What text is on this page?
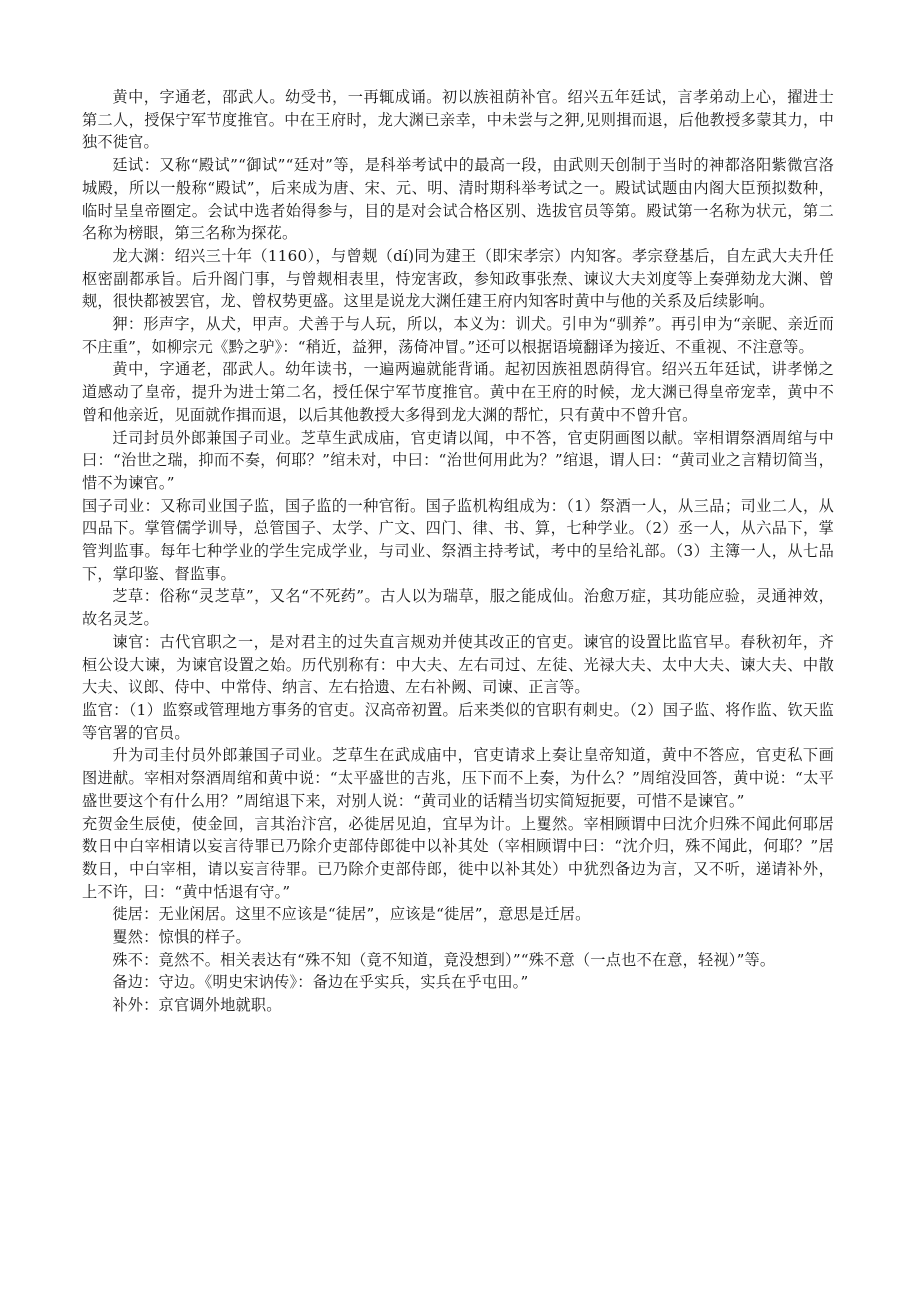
黄中，字通老，邵武人。幼受书，一再辄成诵。初以族祖荫补官。绍兴五年廷试，言孝弟动上心，擢进士第二人，授保宁军节度推官。中在王府时，龙大渊已亲幸，中未尝与之狎,见则揖而退，后他教授多蒙其力，中独不徙官。

廷试：又称“殿试”“御试”“廷对”等，是科举考试中的最高一段，由武则天创制于当时的神都洛阳紫微宫洛城殿，所以一般称“殿试”，后来成为唐、宋、元、明、清时期科举考试之一。殿试试题由内阁大臣预拟数种，临时呈皇帝圈定。会试中选者始得参与，目的是对会试合格区别、选拔官员等第。殿试第一名称为状元，第二名称为榜眼，第三名称为探花。

龙大渊：绍兴三十年（1160），与曾觌（dí)同为建王（即宋孝宗）内知客。孝宗登基后，自左武大夫升任枢密副都承旨。后升阁门事，与曾觌相表里，恃宠害政，参知政事张焘、谏议大夫刘度等上奏弹劾龙大渊、曾觌，很快都被罢官，龙、曾权势更盛。这里是说龙大渊任建王府内知客时黄中与他的关系及后续影响。

狎：形声字，从犬，甲声。犬善于与人玩，所以，本义为：训犬。引申为“驯养”。再引申为“亲昵、亲近而不庄重”，如柳宗元《黔之驴》：“稍近，益狎，荡倚冲冒。”还可以根据语境翻译为接近、不重视、不注意等。

黄中，字通老，邵武人。幼年读书，一遍两遍就能背诵。起初因族祖恩荫得官。绍兴五年廷试，讲孝悌之道感动了皇帝，提升为进士第二名，授任保宁军节度推官。黄中在王府的时候，龙大渊已得皇帝宠幸，黄中不曾和他亲近，见面就作揖而退，以后其他教授大多得到龙大渊的帮忙，只有黄中不曾升官。

迁司封员外郎兼国子司业。芝草生武成庙，官吏请以闻，中不答，官吏阴画图以献。宰相谓祭酒周绾与中曰：“治世之瑞，抑而不奏，何耶？”绾未对，中曰：“治世何用此为？”绾退，谓人曰：“黄司业之言精切简当，惜不为谏官。”

国子司业：又称司业国子监，国子监的一种官衔。国子监机构组成为：（1）祭酒一人，从三品；司业二人，从四品下。掌管儒学训导，总管国子、太学、广文、四门、律、书、算，七种学业。（2）丞一人，从六品下，掌管判监事。每年七种学业的学生完成学业，与司业、祭酒主持考试，考中的呈给礼部。（3）主簿一人，从七品下，掌印鉴、督监事。

芝草：俗称“灵芝草”，又名“不死药”。古人以为瑞草，服之能成仙。治愈万症，其功能应验，灵通神效，故名灵芝。

谏官：古代官职之一，是对君主的过失直言规劝并使其改正的官吏。谏官的设置比监官早。春秋初年，齐桓公设大谏，为谏官设置之始。历代别称有：中大夫、左右司过、左徒、光禄大夫、太中大夫、谏大夫、中散大夫、议郎、侍中、中常侍、纳言、左右拾遗、左右补阙、司谏、正言等。

监官：（1）监察或管理地方事务的官吏。汉高帝初置。后来类似的官职有刺史。（2）国子监、将作监、钦天监等官署的官员。

升为司圭付员外郎兼国子司业。芝草生在武成庙中，官吏请求上奏让皇帝知道，黄中不答应，官吏私下画图进献。宰相对祭酒周绾和黄中说：“太平盛世的吉兆，压下而不上奏，为什么？”周绾没回答，黄中说：“太平盛世要这个有什么用？”周绾退下来，对别人说：“黄司业的话精当切实简短扼要，可惜不是谏官。”

充贺金生辰使，使金回，言其治汴宫，必徙居见迫，宜早为计。上矍然。宰相顾谓中曰沈介归殊不闻此何耶居数日中白宰相请以妄言待罪已乃除介吏部侍郎徙中以补其处（宰相顾谓中曰：“沈介归，殊不闻此，何耶？”居数日，中白宰相，请以妄言待罪。已乃除介吏部侍郎，徙中以补其处）中犹烈备边为言，又不听，递请补外，上不许，曰：“黄中恬退有守。”

徙居：无业闲居。这里不应该是“徒居”，应该是“徙居”，意思是迁居。

矍然：惊惧的样子。

殊不：竟然不。相关表达有“殊不知（竟不知道，竟没想到）”“殊不意（一点也不在意，轻视）”等。

备边：守边。《明史宋讷传》：备边在乎实兵，实兵在乎屯田。”

补外：京官调外地就职。
